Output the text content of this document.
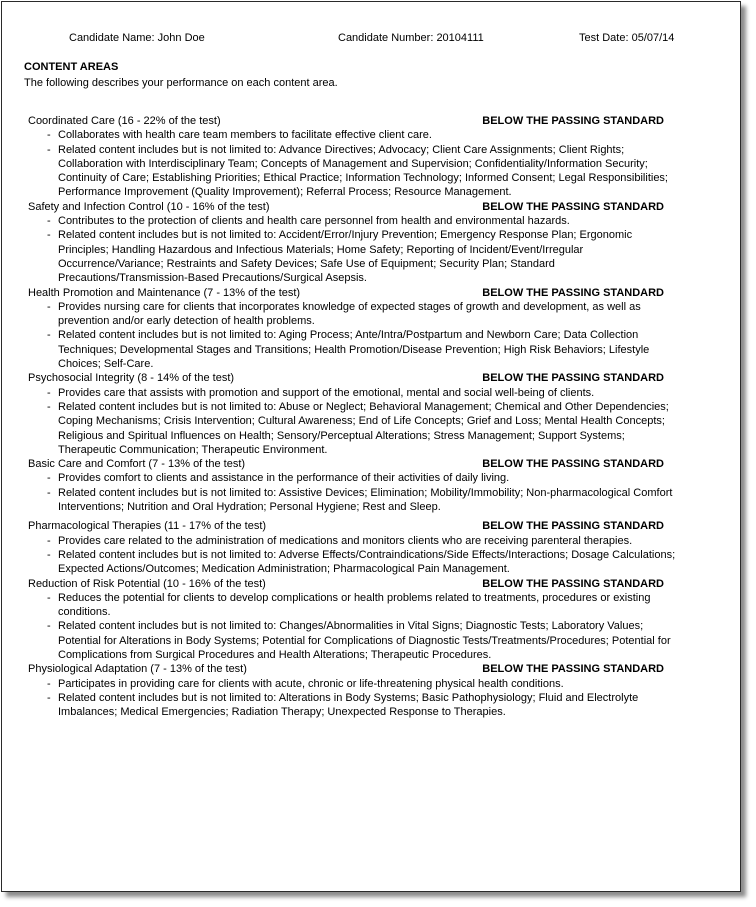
Candidate Name: John Doe	Candidate Number: 20104111	Test Date: 05/07/14
CONTENT AREAS
The following describes your performance on each content area.
Coordinated Care (16 - 22% of the test)	BELOW THE PASSING STANDARD

- Collaborates with health care team members to facilitate effective client care.

- Related content includes but is not limited to: Advance Directives; Advocacy; Client Care Assignments; Client Rights; Collaboration with Interdisciplinary Team; Concepts of Management and Supervision; Confidentiality/Information Security; Continuity of Care; Establishing Priorities; Ethical Practice; Information Technology; Informed Consent; Legal Responsibilities; Performance Improvement (Quality Improvement); Referral Process; Resource Management.

Safety and Infection Control (10 - 16% of the test)	BELOW THE PASSING STANDARD

- Contributes to the protection of clients and health care personnel from health and environmental hazards.

- Related content includes but is not limited to: Accident/Error/Injury Prevention; Emergency Response Plan; Ergonomic Principles; Handling Hazardous and Infectious Materials; Home Safety; Reporting of Incident/Event/Irregular Occurrence/Variance; Restraints and Safety Devices; Safe Use of Equipment; Security Plan; Standard Precautions/Transmission-Based Precautions/Surgical Asepsis.

Health Promotion and Maintenance (7 - 13% of the test)	BELOW THE PASSING STANDARD

- Provides nursing care for clients that incorporates knowledge of expected stages of growth and development, as well as prevention and/or early detection of health problems.

- Related content includes but is not limited to: Aging Process; Ante/Intra/Postpartum and Newborn Care; Data Collection Techniques; Developmental Stages and Transitions; Health Promotion/Disease Prevention; High Risk Behaviors; Lifestyle Choices; Self-Care.

Psychosocial Integrity (8 - 14% of the test)	BELOW THE PASSING STANDARD

- Provides care that assists with promotion and support of the emotional, mental and social well-being of clients.

- Related content includes but is not limited to: Abuse or Neglect; Behavioral Management; Chemical and Other Dependencies; Coping Mechanisms; Crisis Intervention; Cultural Awareness; End of Life Concepts; Grief and Loss; Mental Health Concepts; Religious and Spiritual Influences on Health; Sensory/Perceptual Alterations; Stress Management; Support Systems; Therapeutic Communication; Therapeutic Environment.

Basic Care and Comfort (7 - 13% of the test)	BELOW THE PASSING STANDARD

- Provides comfort to clients and assistance in the performance of their activities of daily living.

- Related content includes but is not limited to: Assistive Devices; Elimination; Mobility/Immobility; Non-pharmacological Comfort Interventions; Nutrition and Oral Hydration; Personal Hygiene; Rest and Sleep.

Pharmacological Therapies (11 - 17% of the test)	BELOW THE PASSING STANDARD

- Provides care related to the administration of medications and monitors clients who are receiving parenteral therapies.

- Related content includes but is not limited to: Adverse Effects/Contraindications/Side Effects/Interactions; Dosage Calculations; Expected Actions/Outcomes; Medication Administration; Pharmacological Pain Management.

Reduction of Risk Potential (10 - 16% of the test)	BELOW THE PASSING STANDARD

- Reduces the potential for clients to develop complications or health problems related to treatments, procedures or existing conditions.

- Related content includes but is not limited to: Changes/Abnormalities in Vital Signs; Diagnostic Tests; Laboratory Values; Potential for Alterations in Body Systems; Potential for Complications of Diagnostic Tests/Treatments/Procedures; Potential for Complications from Surgical Procedures and Health Alterations; Therapeutic Procedures.

Physiological Adaptation (7 - 13% of the test)	BELOW THE PASSING STANDARD

- Participates in providing care for clients with acute, chronic or life-threatening physical health conditions.

- Related content includes but is not limited to: Alterations in Body Systems; Basic Pathophysiology; Fluid and Electrolyte Imbalances; Medical Emergencies; Radiation Therapy; Unexpected Response to Therapies.
